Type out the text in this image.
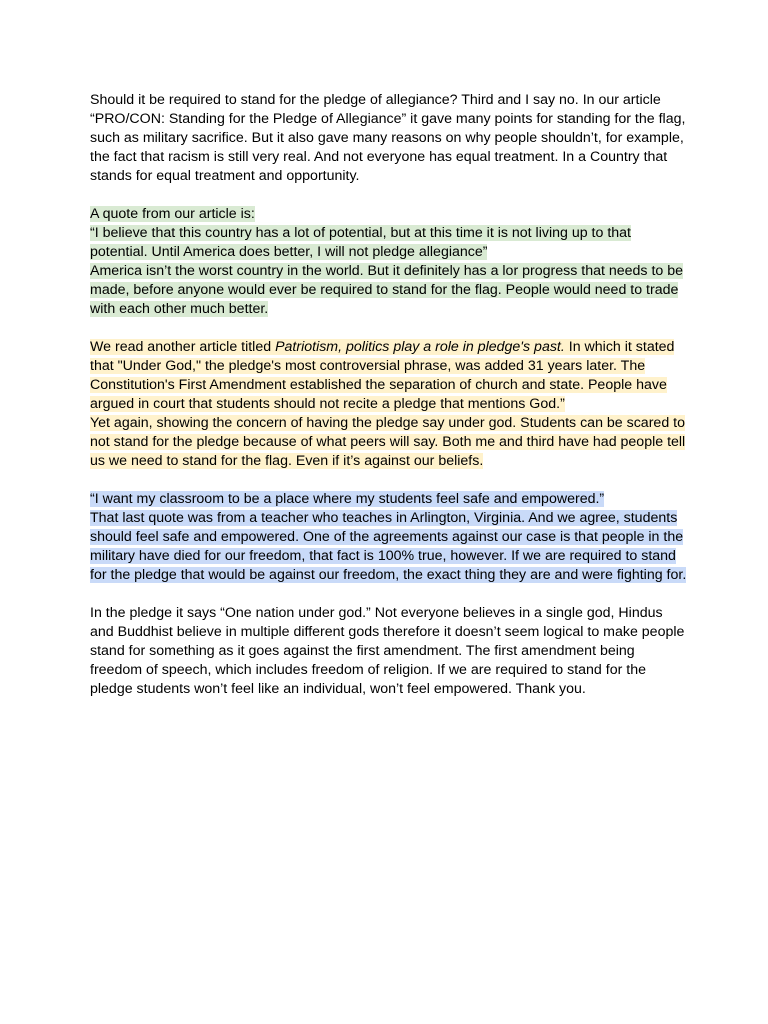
Should it be required to stand for the pledge of allegiance? Third and I say no. In our article “PRO/CON: Standing for the Pledge of Allegiance” it gave many points for standing for the flag, such as military sacrifice. But it also gave many reasons on why people shouldn’t, for example, the fact that racism is still very real. And not everyone has equal treatment. In a Country that stands for equal treatment and opportunity.

A quote from our article is:

“I believe that this country has a lot of potential, but at this time it is not living up to that potential. Until America does better, I will not pledge allegiance”

America isn’t the worst country in the world. But it definitely has a lor progress that needs to be made, before anyone would ever be required to stand for the flag. People would need to trade with each other much better.

We read another article titled Patriotism, politics play a role in pledge's past. In which it stated that "Under God," the pledge's most controversial phrase, was added 31 years later. The Constitution's First Amendment established the separation of church and state. People have argued in court that students should not recite a pledge that mentions God.”

Yet again, showing the concern of having the pledge say under god. Students can be scared to not stand for the pledge because of what peers will say. Both me and third have had people tell us we need to stand for the flag. Even if it’s against our beliefs.

“I want my classroom to be a place where my students feel safe and empowered.”

That last quote was from a teacher who teaches in Arlington, Virginia. And we agree, students should feel safe and empowered. One of the agreements against our case is that people in the military have died for our freedom, that fact is 100% true, however. If we are required to stand for the pledge that would be against our freedom, the exact thing they are and were fighting for.

In the pledge it says “One nation under god.” Not everyone believes in a single god, Hindus and Buddhist believe in multiple different gods therefore it doesn’t seem logical to make people stand for something as it goes against the first amendment. The first amendment being freedom of speech, which includes freedom of religion. If we are required to stand for the pledge students won’t feel like an individual, won’t feel empowered. Thank you.
